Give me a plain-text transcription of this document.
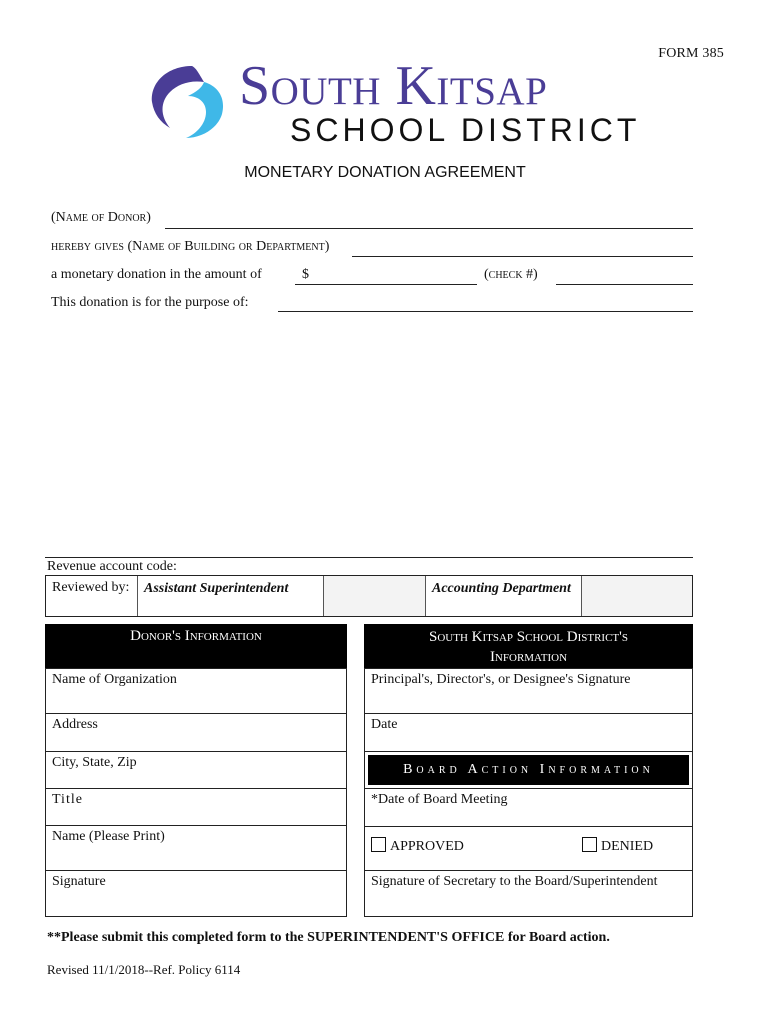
FORM 385
South Kitsap
SCHOOL DISTRICT
MONETARY DONATION AGREEMENT
(Name of Donor)
hereby gives (Name of Building or Department)
a monetary donation in the amount of	$	(check #)
This donation is for the purpose of:
Revenue account code:
Reviewed by:	Assistant Superintendent	Accounting Department
Donor's Information
Name of Organization
Address
City, State, Zip
Title
Name (Please Print)
Signature
South Kitsap School District's Information
Principal's, Director's, or Designee's Signature
Date
Board Action Information
*Date of Board Meeting
APPROVED	DENIED
Signature of Secretary to the Board/Superintendent
**Please submit this completed form to the SUPERINTENDENT'S OFFICE for Board action.
Revised 11/1/2018--Ref. Policy 6114
